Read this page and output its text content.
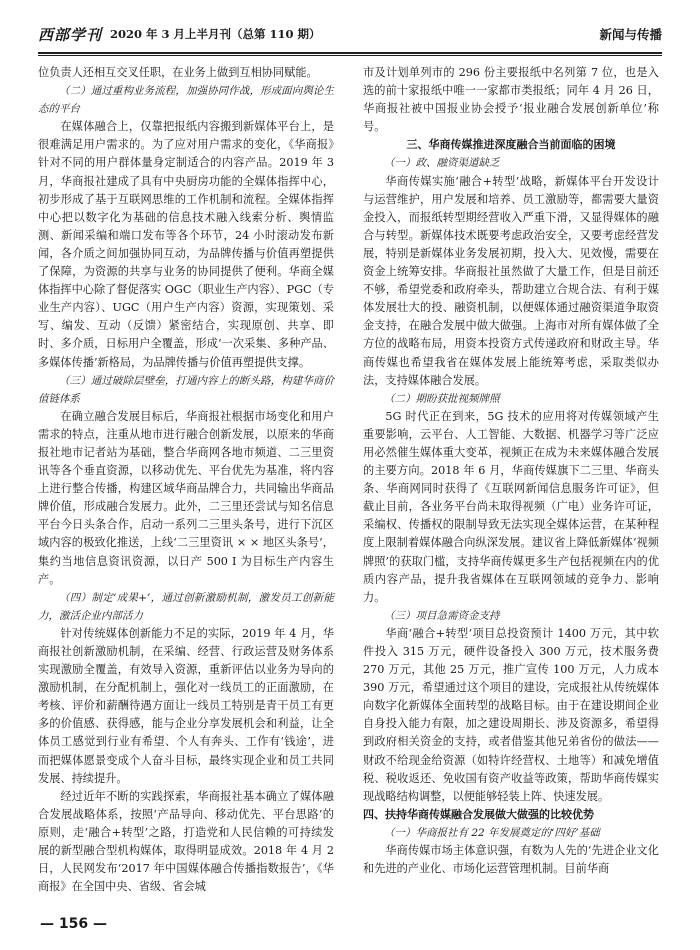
西部学刊 2020 年 3 月上半月刊（总第 110 期）	新闻与传播

位负责人还相互交叉任职，在业务上做到互相协同赋能。

（二）通过重构业务流程，加强协同作战，形成面向舆论生态的平台

在媒体融合上，仅靠把报纸内容搬到新媒体平台上，是很难满足用户需求的。为了应对用户需求的变化，《华商报》针对不同的用户群体量身定制适合的内容产品。2019 年 3 月，华商报社建成了具有中央厨房功能的全媒体指挥中心，初步形成了基于互联网思维的工作机制和流程。全媒体指挥中心把以数字化为基础的信息技术融入线索分析、舆情监测、新闻采编和端口发布等各个环节，24 小时滚动发布新闻，各介质之间加强协同互动，为品牌传播与价值再塑提供了保障，为资源的共享与业务的协同提供了便利。华商全媒体指挥中心除了督促落实 OGC（职业生产内容）、PGC（专业生产内容）、UGC（用户生产内容）资源，实现策划、采写、编发、互动（反馈）紧密结合，实现原创、共享、即时、多介质，日标用户全覆盖，形成‘一次采集、多种产品、多媒体传播’新格局，为品牌传播与价值再塑提供支撑。

（三）通过破除层壁垒，打通内容上的断头路，构建华商价值链体系

在确立融合发展目标后，华商报社根据市场变化和用户需求的特点，注重从地市进行融合创新发展，以原来的华商报社地市记者站为基础，整合华商网各地市频道、二三里资讯等各个垂直资源，以移动优先、平台优先为基准，将内容上进行整合传播，构建区域华商品牌合力，共同输出华商品牌价值，形成融合发展力。此外，二三里还尝试与知名信息平台今日头条合作，启动一系列二三里头条号，进行下沉区域内容的极致化推送，上线‘二三里资讯 × × 地区头条号’，集约当地信息资讯资源，以日产 500 I 为目标生产内容生产。

（四）制定‘成果+’，通过创新激励机制，激发员工创新能力，激活企业内部活力

针对传统媒体创新能力不足的实际，2019 年 4 月，华商报社创新激励机制，在采编、经营、行政运营及财务体系实现激励全覆盖，有效导入资源，重新评估以业务为导向的激励机制，在分配机制上，强化对一线员工的正面激励，在考核、评价和薪酬待遇方面让一线员工特别是青干员工有更多的价值感、获得感，能与企业分享发展机会和利益，让全体员工感觉到行业有希望、个人有奔头、工作有‘钱途’，进而把媒体愿景变成个人奋斗目标，最终实现企业和员工共同发展、持续提升。

经过近年不断的实践探索，华商报社基本确立了媒体融合发展战略体系，按照‘产品导向、移动优先、平台思路’的原则，走‘融合+转型’之路，打造党和人民信赖的可持续发展的新型融合型机构媒体，取得明显成效。2018 年 4 月 2 日，人民网发布‘2017 年中国媒体融合传播指数报告’，《华商报》在全国中央、省级、省会城

市及计划单列市的 296 份主要报纸中名列第 7 位，也是入选的前十家报纸中唯一一家都市类报纸；同年 4 月 26 日，华商报社被中国报业协会授予‘报业融合发展创新单位’称号。

三、华商传媒推进深度融合当前面临的困境

（一）政、融资渠道缺乏

华商传媒实施‘融合+转型’战略，新媒体平台开发设计与运营维护，用户发展和培养、员工激励等，都需要大量资金投入，而报纸转型期经营收入严重下滑，又显得媒体的融合与转型。新媒体技术既要考虑政治安全，又要考虑经营发展，特别是新媒体业务发展初期，投入大、见效慢，需要在资金上统筹安排。华商报社虽然做了大量工作，但是目前还不够，希望党委和政府牵头，帮助建立合规合法、有利于媒体发展壮大的投、融资机制，以便媒体通过融资渠道争取资金支持，在融合发展中做大做强。上海市对所有媒体做了全方位的战略布局，用资本投资方式传递政府和财政主导。华商传媒也希望我省在媒体发展上能统筹考虑，采取类似办法，支持媒体融合发展。

（二）期盼获批视频牌照

5G 时代正在到来，5G 技术的应用将对传媒领域产生重要影响，云平台、人工智能、大数据、机器学习等广泛应用必然催生媒体重大变革，视频正在成为未来媒体融合发展的主要方向。2018 年 6 月，华商传媒旗下二三里、华商头条、华商网同时获得了《互联网新闻信息服务许可证》，但截止目前，各业务平台尚未取得视频（广电）业务许可证，采编权、传播权的限制导致无法实现全媒体运营，在某种程度上限制着媒体融合向纵深发展。建议省上降低新媒体‘视频牌照’的获取门槛，支持华商传媒更多生产包括视频在内的优质内容产品，提升我省媒体在互联网领域的竞争力、影响力。

（三）项目急需资金支持

华商‘融合+转型’项目总投资预计 1400 万元，其中软件投入 315 万元，硬件设备投入 300 万元，技术服务费 270 万元，其他 25 万元，推广宣传 100 万元，人力成本 390 万元，希望通过这个项目的建设，完成报社从传统媒体向数字化新媒体全面转型的战略目标。由于在建设期间企业自身投入能力有限，加之建设周期长、涉及资源多，希望得到政府相关资金的支持，或者借鉴其他兄弟省份的做法——财政不给现金给资源（如特许经营权、土地等）和减免增值税、税收返还、免收国有资产收益等政策，帮助华商传媒实现战略结构调整，以便能够轻装上阵、快速发展。

四、扶持华商传媒融合发展做大做强的比较优势

（一）华商报社有 22 年发展奠定的‘四好’基础

华商传媒市场主体意识强，有数为人先的‘先进企业文化和先进的产业化、市场化运营管理机制。目前华商

— 156 —
